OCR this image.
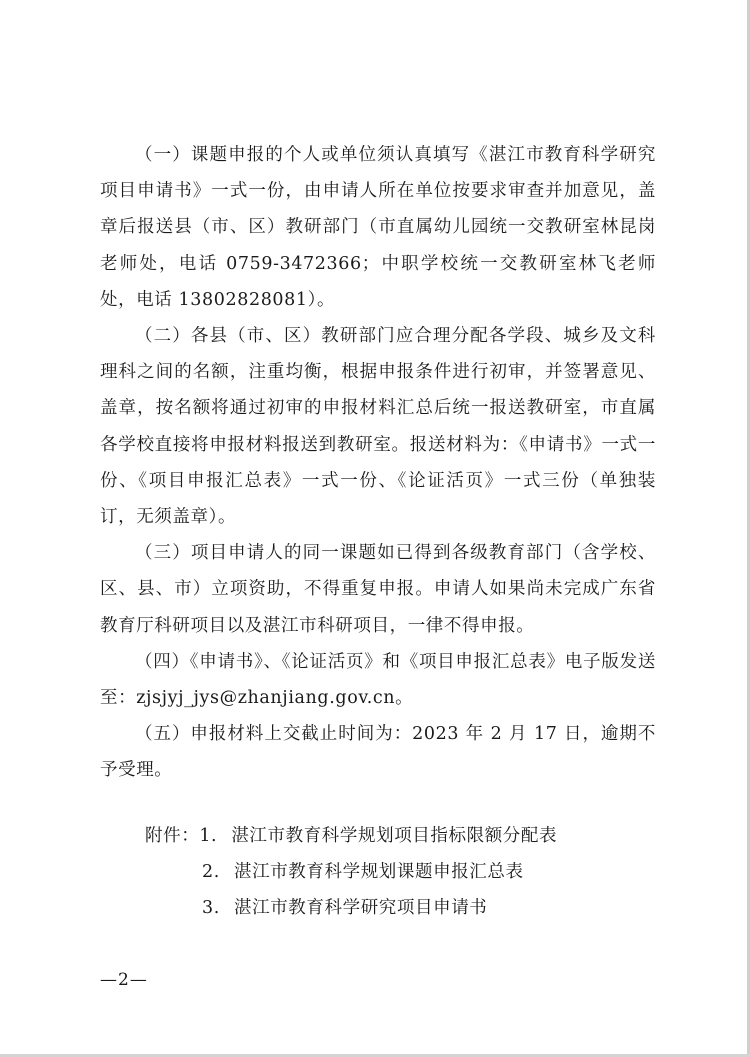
（一）课题申报的个人或单位须认真填写《湛江市教育科学研究项目申请书》一式一份，由申请人所在单位按要求审查并加意见，盖章后报送县（市、区）教研部门（市直属幼儿园统一交教研室林昆岗老师处，电话 0759-3472366；中职学校统一交教研室林飞老师处，电话 13802828081）。

（二）各县（市、区）教研部门应合理分配各学段、城乡及文科理科之间的名额，注重均衡，根据申报条件进行初审，并签署意见、盖章，按名额将通过初审的申报材料汇总后统一报送教研室，市直属各学校直接将申报材料报送到教研室。报送材料为：《申请书》一式一份、《项目申报汇总表》一式一份、《论证活页》一式三份（单独装订，无须盖章）。

（三）项目申请人的同一课题如已得到各级教育部门（含学校、区、县、市）立项资助，不得重复申报。申请人如果尚未完成广东省教育厅科研项目以及湛江市科研项目，一律不得申报。

（四）《申请书》、《论证活页》和《项目申报汇总表》电子版发送至：zjsjyj_jys@zhanjiang.gov.cn。

（五）申报材料上交截止时间为：2023 年 2 月 17 日，逾期不予受理。

附件：1. 湛江市教育科学规划项目指标限额分配表
2. 湛江市教育科学规划课题申报汇总表
3. 湛江市教育科学研究项目申请书
—2—
